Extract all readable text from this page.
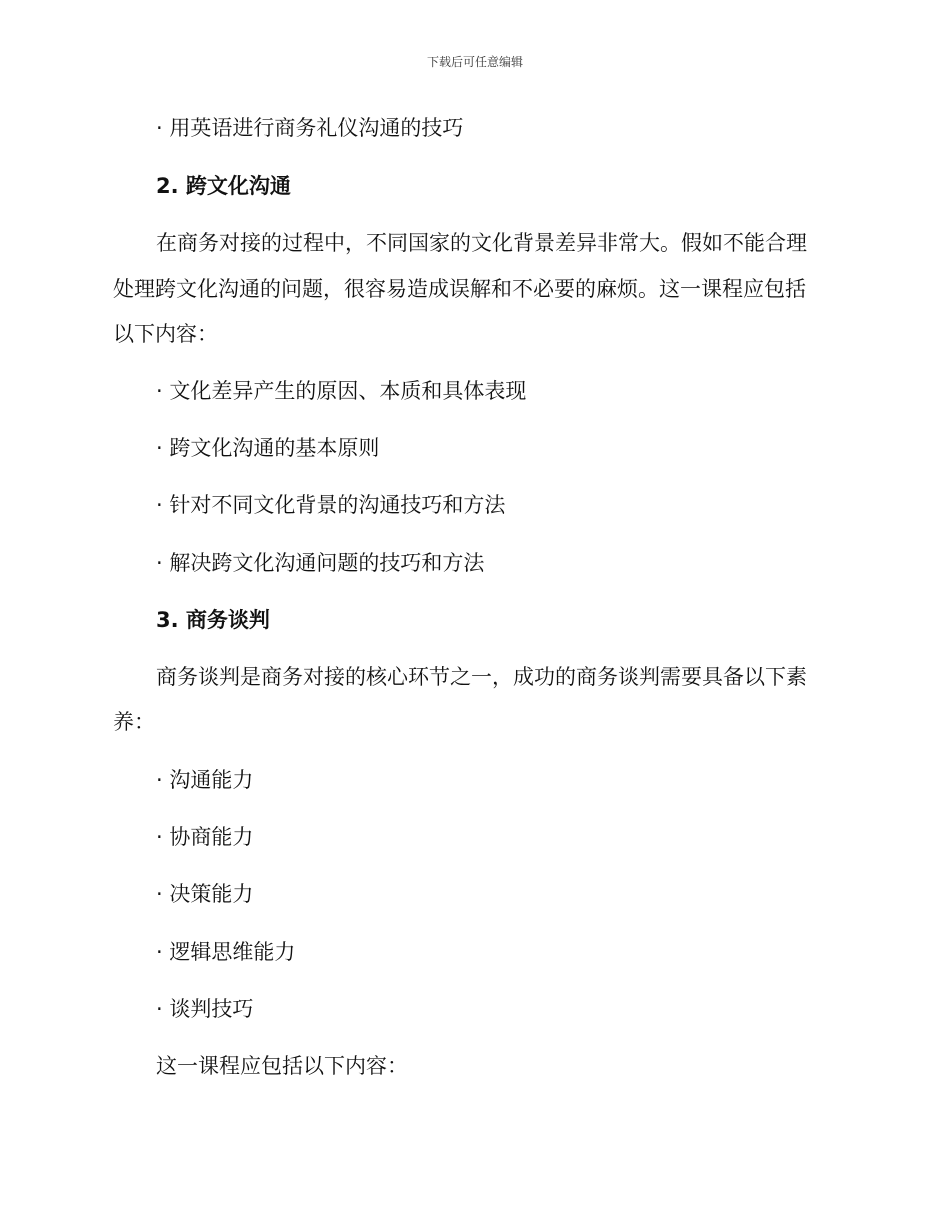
下载后可任意编辑
· 用英语进行商务礼仪沟通的技巧
2. 跨文化沟通
在商务对接的过程中，不同国家的文化背景差异非常大。假如不能合理
处理跨文化沟通的问题，很容易造成误解和不必要的麻烦。这一课程应包括
以下内容：
· 文化差异产生的原因、本质和具体表现
· 跨文化沟通的基本原则
· 针对不同文化背景的沟通技巧和方法
· 解决跨文化沟通问题的技巧和方法
3. 商务谈判
商务谈判是商务对接的核心环节之一，成功的商务谈判需要具备以下素
养：
· 沟通能力
· 协商能力
· 决策能力
· 逻辑思维能力
· 谈判技巧
这一课程应包括以下内容：
